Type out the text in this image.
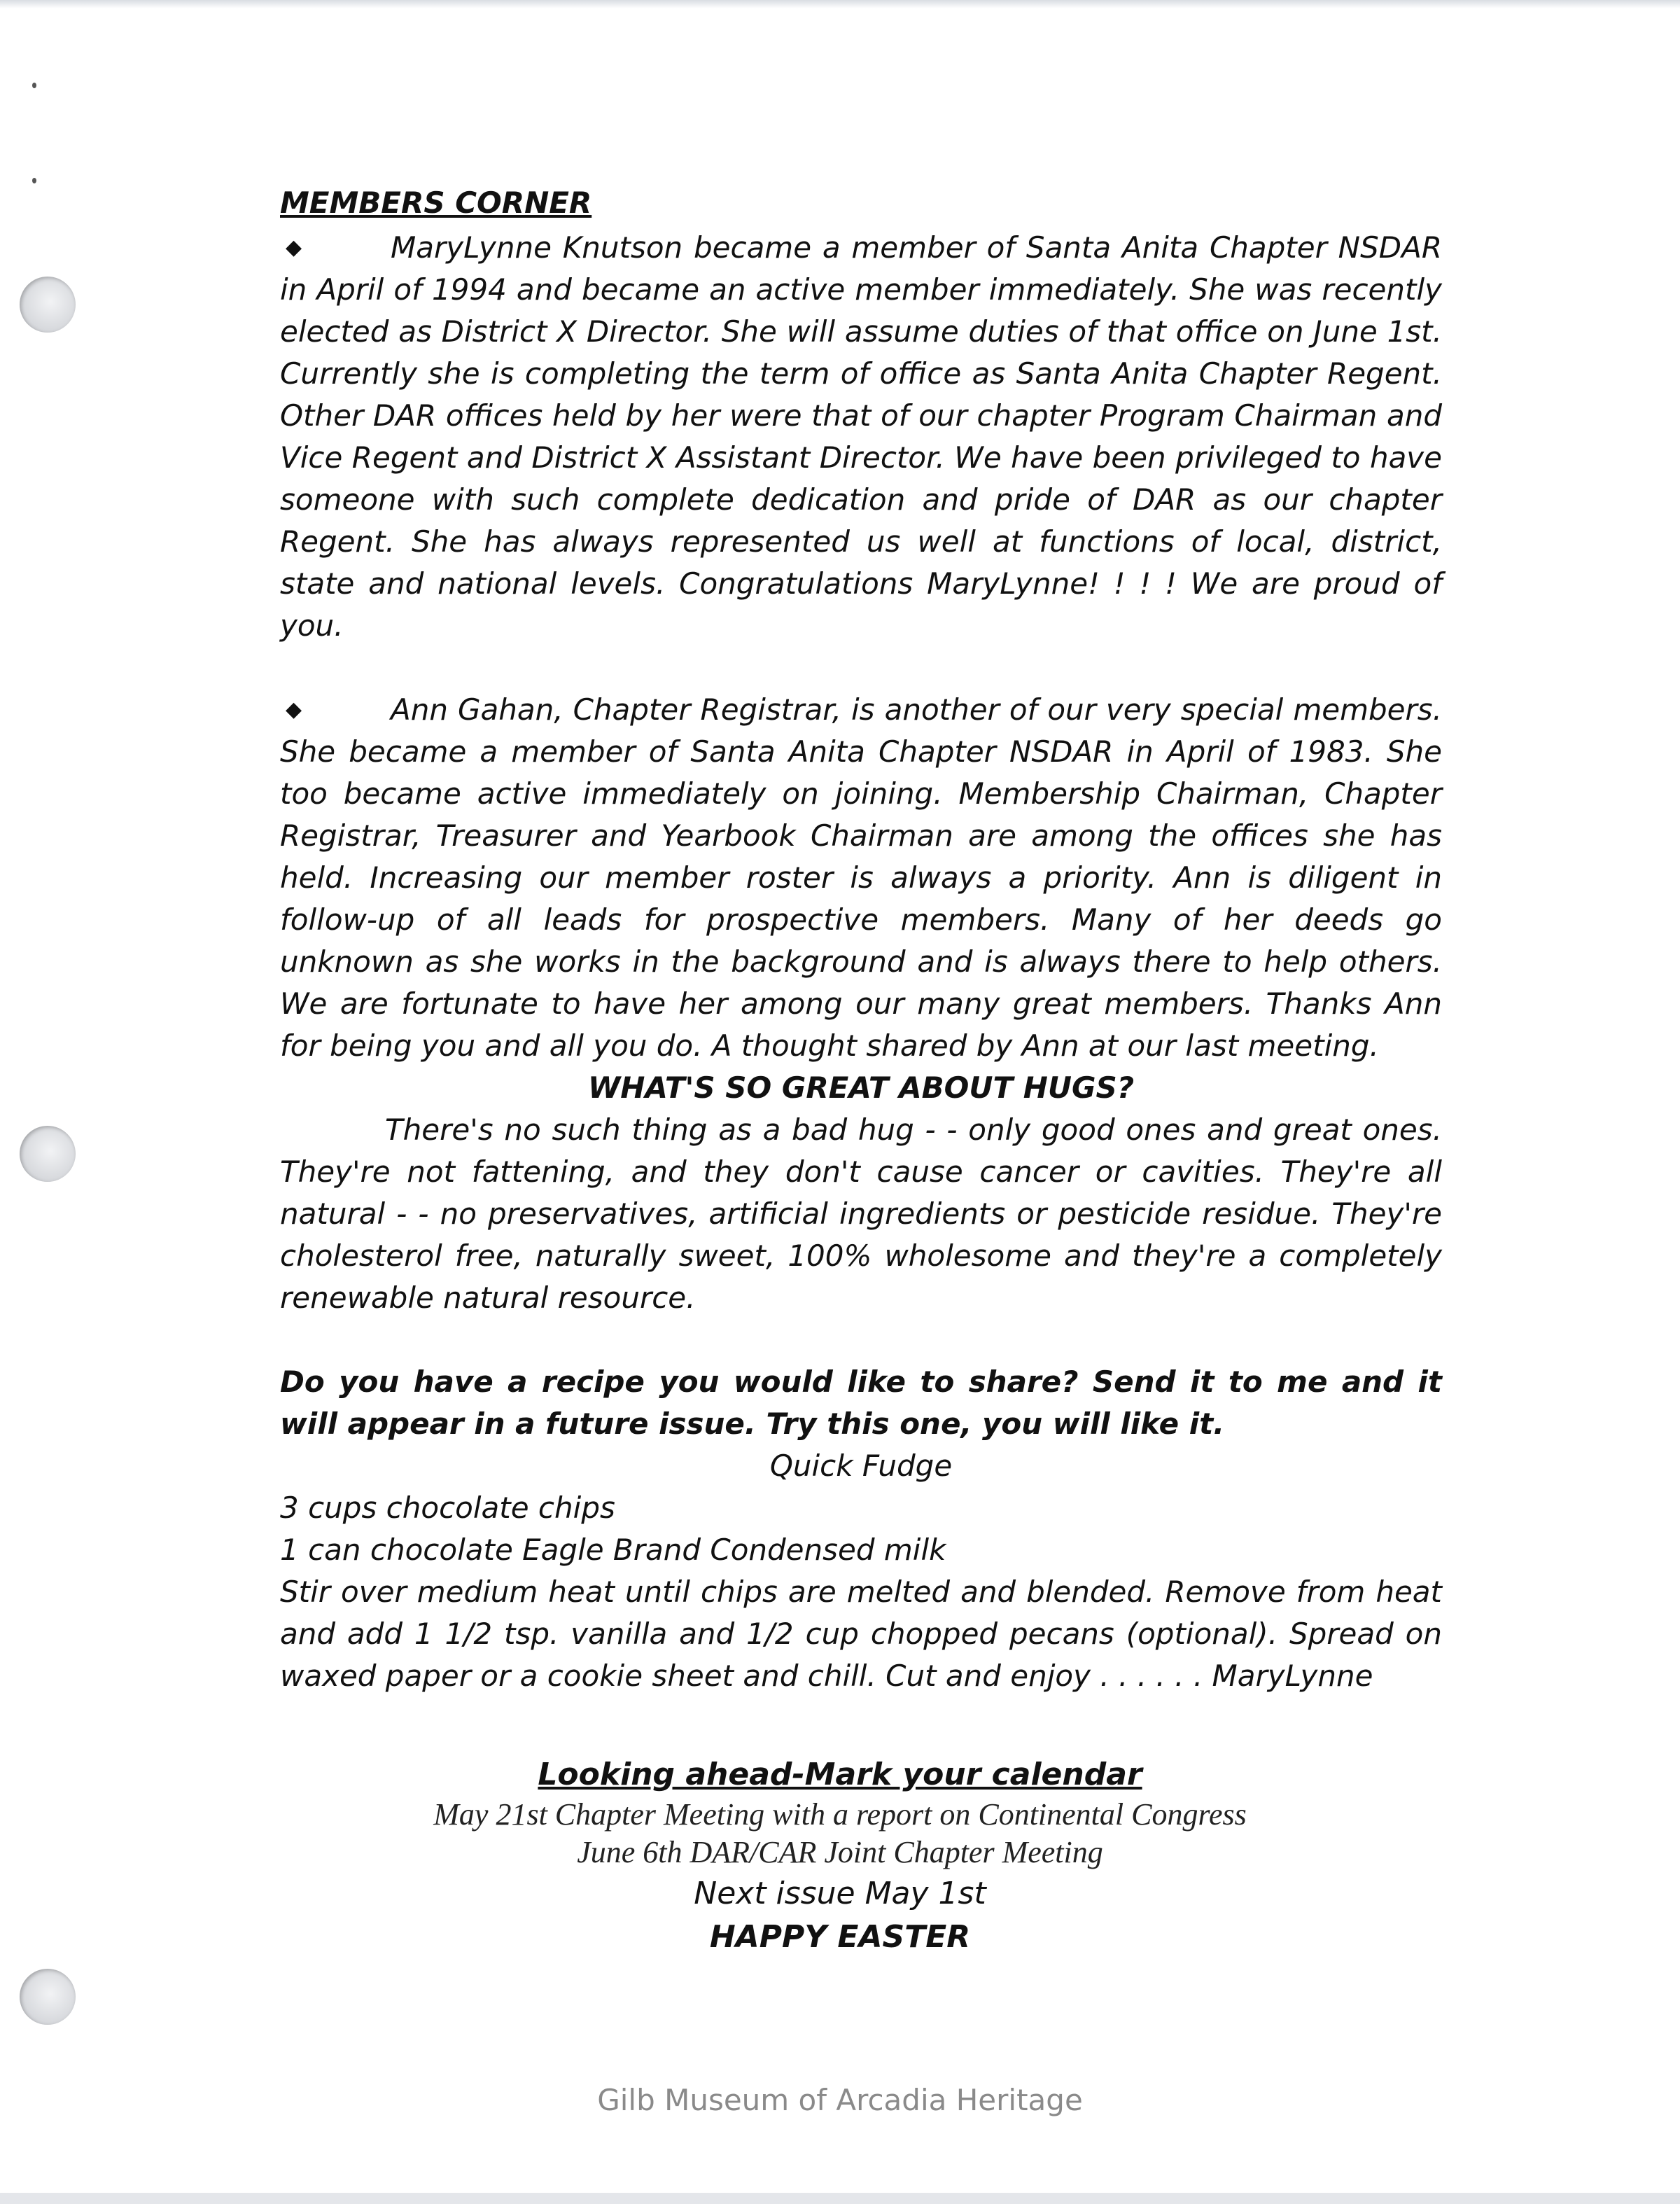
MEMBERS CORNER

◆	MaryLynne Knutson became a member of Santa Anita Chapter NSDAR in April of 1994 and became an active member immediately. She was recently elected as District X Director. She will assume duties of that office on June 1st. Currently she is completing the term of office as Santa Anita Chapter Regent. Other DAR offices held by her were that of our chapter Program Chairman and Vice Regent and District X Assistant Director. We have been privileged to have someone with such complete dedication and pride of DAR as our chapter Regent. She has always represented us well at functions of local, district, state and national levels. Congratulations MaryLynne! ! ! ! We are proud of you.

◆	Ann Gahan, Chapter Registrar, is another of our very special members. She became a member of Santa Anita Chapter NSDAR in April of 1983. She too became active immediately on joining. Membership Chairman, Chapter Registrar, Treasurer and Yearbook Chairman are among the offices she has held. Increasing our member roster is always a priority. Ann is diligent in follow-up of all leads for prospective members. Many of her deeds go unknown as she works in the background and is always there to help others. We are fortunate to have her among our many great members. Thanks Ann for being you and all you do. A thought shared by Ann at our last meeting.

WHAT'S SO GREAT ABOUT HUGS?

There's no such thing as a bad hug - - only good ones and great ones. They're not fattening, and they don't cause cancer or cavities. They're all natural - - no preservatives, artificial ingredients or pesticide residue. They're cholesterol free, naturally sweet, 100% wholesome and they're a completely renewable natural resource.

Do you have a recipe you would like to share? Send it to me and it will appear in a future issue. Try this one, you will like it.

Quick Fudge

3 cups chocolate chips

1 can chocolate Eagle Brand Condensed milk

Stir over medium heat until chips are melted and blended. Remove from heat and add 1 1/2 tsp. vanilla and 1/2 cup chopped pecans (optional). Spread on waxed paper or a cookie sheet and chill. Cut and enjoy . . . . . . MaryLynne

Looking ahead-Mark your calendar

May 21st Chapter Meeting with a report on Continental Congress

June 6th DAR/CAR Joint Chapter Meeting

Next issue May 1st

HAPPY EASTER

Gilb Museum of Arcadia Heritage
